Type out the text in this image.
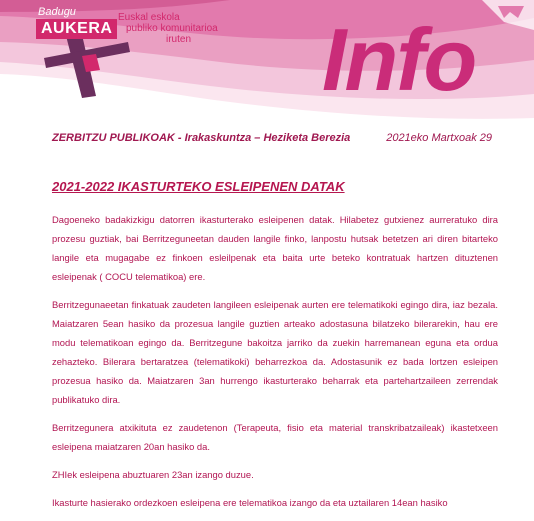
Badugu
AUKERA
Euskal eskola
publiko komunitarioa
iruten	Info
ZERBITZU PUBLIKOAK - Irakaskuntza – Heziketa Berezia	2021eko Martxoak 29
2021-2022 IKASTURTEKO ESLEIPENEN DATAK

Dagoeneko badakizkigu datorren ikasturterako esleipenen datak. Hilabetez gutxienez aurreratuko dira prozesu guztiak, bai Berritzeguneetan dauden langile finko, lanpostu hutsak betetzen ari diren bitarteko langile eta mugagabe ez finkoen esleilpenak eta baita urte beteko kontratuak hartzen dituztenen esleipenak ( COCU telematikoa) ere.

Berritzegunaeetan finkatuak zaudeten langileen esleipenak aurten ere telematikoki egingo dira, iaz bezala. Maiatzaren 5ean hasiko da prozesua langile guztien arteako adostasuna bilatzeko bilerarekin, hau ere modu telematikoan egingo da. Berritzegune bakoitza jarriko da zuekin harremanean eguna eta ordua zehazteko. Bilerara bertaratzea (telematikoki) beharrezkoa da. Adostasunik ez bada lortzen esleipen prozesua hasiko da. Maiatzaren 3an hurrengo ikasturterako beharrak eta partehartzaileen zerrendak publikatuko dira.

Berritzegunera atxikituta ez zaudetenon (Terapeuta, fisio eta material transkribatzaileak) ikastetxeen esleipena maiatzaren 20an hasiko da.

ZHIek esleipena abuztuaren 23an izango duzue.

Ikasturte hasierako ordezkoen esleipena ere telematikoa izango da eta uztailaren 14ean hasiko
